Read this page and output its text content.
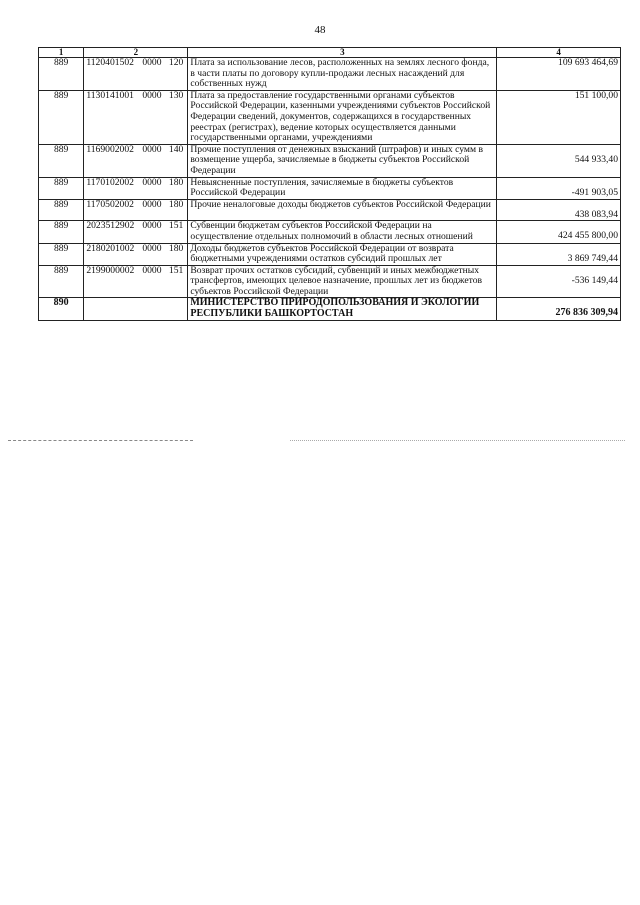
48
1	2	3	4
889	1120401502 0000 120	Плата за использование лесов, расположенных на землях лесного фонда, в части платы по договору купли-продажи лесных насаждений для собственных нужд	109 693 464,69
889	1130141001 0000 130	Плата за предоставление государственными органами субъектов Российской Федерации, казенными учреждениями субъектов Российской Федерации сведений, документов, содержащихся в государственных реестрах (регистрах), ведение которых осуществляется данными государственными органами, учреждениями	151 100,00
889	1169002002 0000 140	Прочие поступления от денежных взысканий (штрафов) и иных сумм в возмещение ущерба, зачисляемые в бюджеты субъектов Российской Федерации	544 933,40
889	1170102002 0000 180	Невыясненные поступления, зачисляемые в бюджеты субъектов Российской Федерации	-491 903,05
889	1170502002 0000 180	Прочие неналоговые доходы бюджетов субъектов Российской Федерации	438 083,94
889	2023512902 0000 151	Субвенции бюджетам субъектов Российской Федерации на осуществление отдельных полномочий в области лесных отношений	424 455 800,00
889	2180201002 0000 180	Доходы бюджетов субъектов Российской Федерации от возврата бюджетными учреждениями остатков субсидий прошлых лет	3 869 749,44
889	2199000002 0000 151	Возврат прочих остатков субсидий, субвенций и иных межбюджетных трансфертов, имеющих целевое назначение, прошлых лет из бюджетов субъектов Российской Федерации	-536 149,44
890		МИНИСТЕРСТВО ПРИРОДОПОЛЬЗОВАНИЯ И ЭКОЛОГИИ РЕСПУБЛИКИ БАШКОРТОСТАН	276 836 309,94
